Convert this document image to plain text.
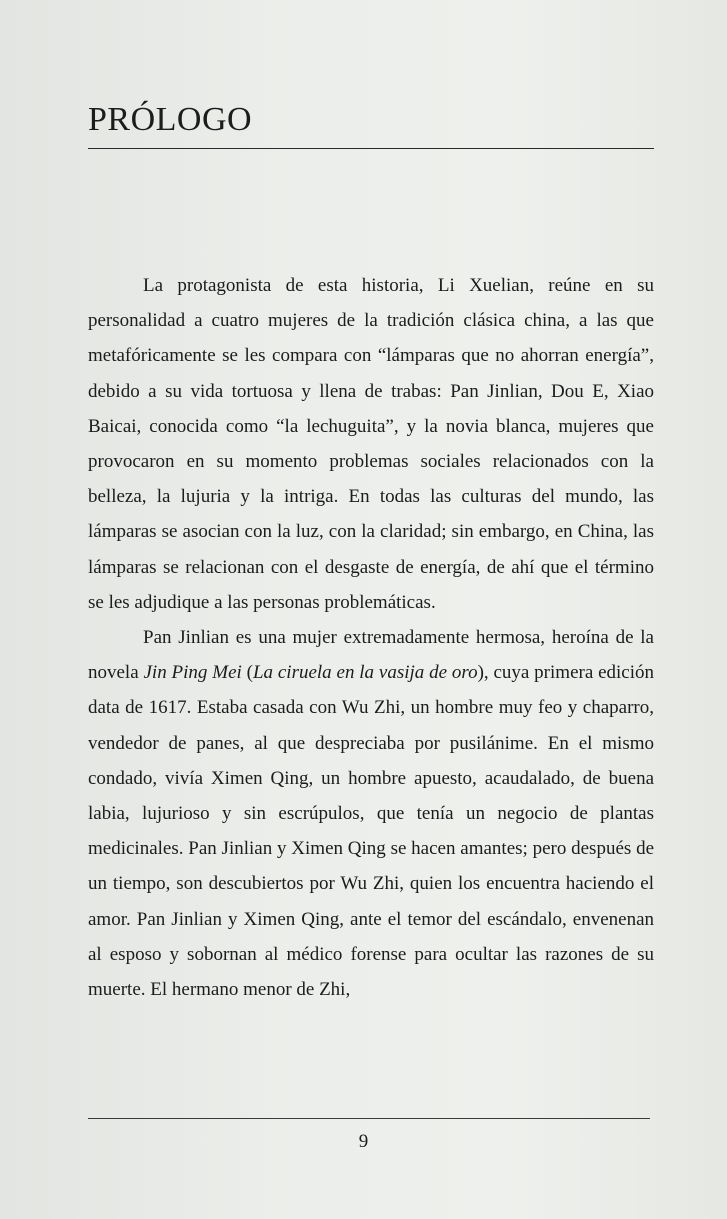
PRÓLOGO

La protagonista de esta historia, Li Xuelian, reúne en su personalidad a cuatro mujeres de la tradición clásica china, a las que metafóricamente se les compara con “lámparas que no ahorran energía”, debido a su vida tortuosa y llena de trabas: Pan Jinlian, Dou E, Xiao Baicai, conocida como “la lechuguita”, y la novia blanca, mujeres que provocaron en su momento problemas sociales relacionados con la belleza, la lujuria y la intriga. En todas las culturas del mundo, las lámparas se asocian con la luz, con la claridad; sin embargo, en China, las lámparas se relacionan con el desgaste de energía, de ahí que el término se les adjudique a las personas problemáticas.

Pan Jinlian es una mujer extremadamente hermosa, heroína de la novela Jin Ping Mei (La ciruela en la vasija de oro), cuya primera edición data de 1617. Estaba casada con Wu Zhi, un hombre muy feo y chaparro, vendedor de panes, al que despreciaba por pusilánime. En el mismo condado, vivía Ximen Qing, un hombre apuesto, acaudalado, de buena labia, lujurioso y sin escrúpulos, que tenía un negocio de plantas medicinales. Pan Jinlian y Ximen Qing se hacen amantes; pero después de un tiempo, son descubiertos por Wu Zhi, quien los encuentra haciendo el amor. Pan Jinlian y Ximen Qing, ante el temor del escándalo, envenenan al esposo y sobornan al médico forense para ocultar las razones de su muerte. El hermano menor de Zhi,

9
